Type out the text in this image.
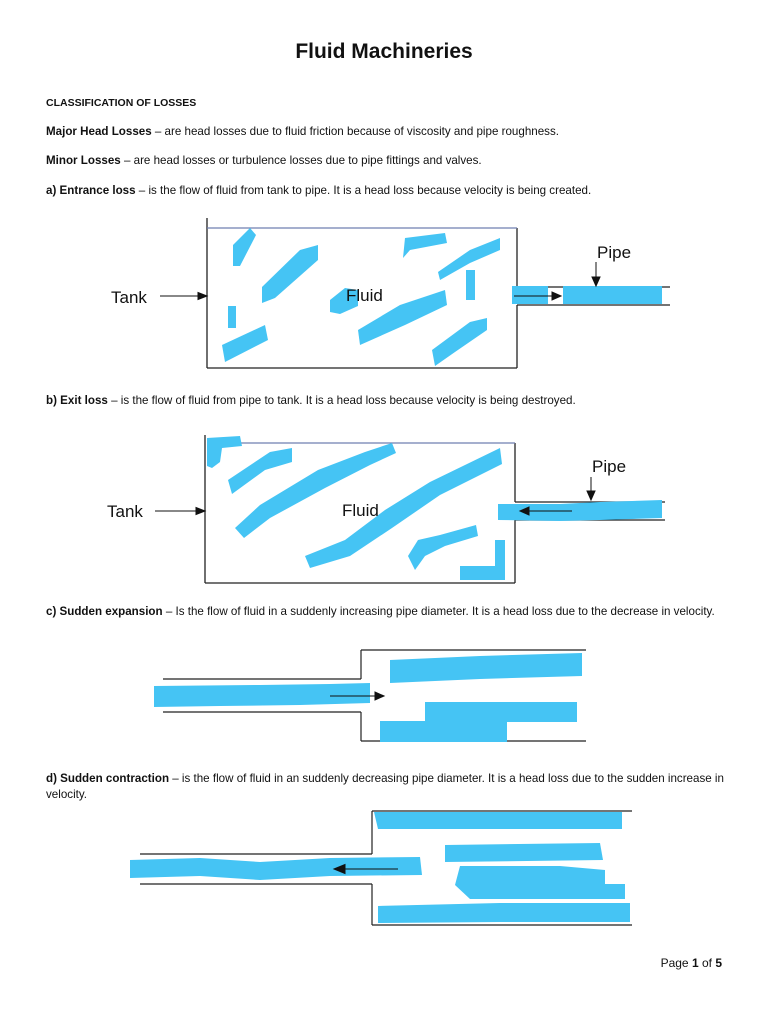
Fluid Machineries
CLASSIFICATION OF LOSSES
Major Head Losses – are head losses due to fluid friction because of viscosity and pipe roughness.
Minor Losses – are head losses or turbulence losses due to pipe fittings and valves.
a) Entrance loss – is the flow of fluid from tank to pipe. It is a head loss because velocity is being created.
Tank	Fluid
Pipe
b) Exit loss – is the flow of fluid from pipe to tank. It is a head loss because velocity is being destroyed.
Tank	Fluid
Pipe
c) Sudden expansion – Is the flow of fluid in a suddenly increasing pipe diameter. It is a head loss due to the decrease in velocity.
d) Sudden contraction – is the flow of fluid in an suddenly decreasing pipe diameter. It is a head loss due to the sudden increase in velocity.
Page 1 of 5
